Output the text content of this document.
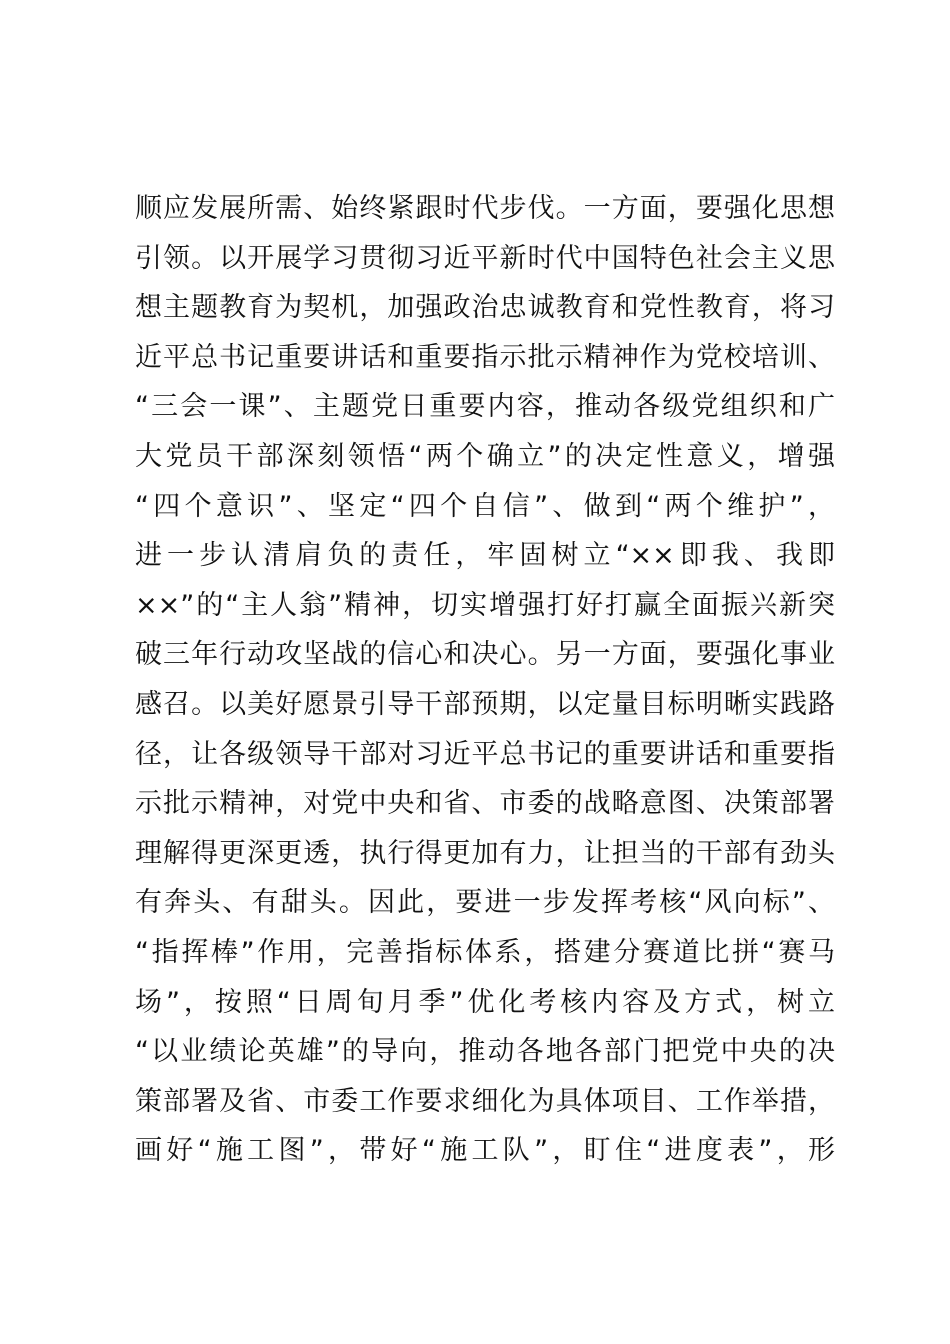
顺应发展所需、始终紧跟时代步伐。一方面，要强化思想
引领。以开展学习贯彻习近平新时代中国特色社会主义思
想主题教育为契机，加强政治忠诚教育和党性教育，将习
近平总书记重要讲话和重要指示批示精神作为党校培训、
“三会一课”、主题党日重要内容，推动各级党组织和广
大党员干部深刻领悟“两个确立”的决定性意义，增强
“四个意识”、坚定“四个自信”、做到“两个维护”，
进一步认清肩负的责任，牢固树立“××即我、我即
××”的“主人翁”精神，切实增强打好打赢全面振兴新突
破三年行动攻坚战的信心和决心。另一方面，要强化事业
感召。以美好愿景引导干部预期，以定量目标明晰实践路
径，让各级领导干部对习近平总书记的重要讲话和重要指
示批示精神，对党中央和省、市委的战略意图、决策部署
理解得更深更透，执行得更加有力，让担当的干部有劲头
有奔头、有甜头。因此，要进一步发挥考核“风向标”、
“指挥棒”作用，完善指标体系，搭建分赛道比拼“赛马
场”，按照“日周旬月季”优化考核内容及方式，树立
“以业绩论英雄”的导向，推动各地各部门把党中央的决
策部署及省、市委工作要求细化为具体项目、工作举措，
画好“施工图”，带好“施工队”，盯住“进度表”，形
